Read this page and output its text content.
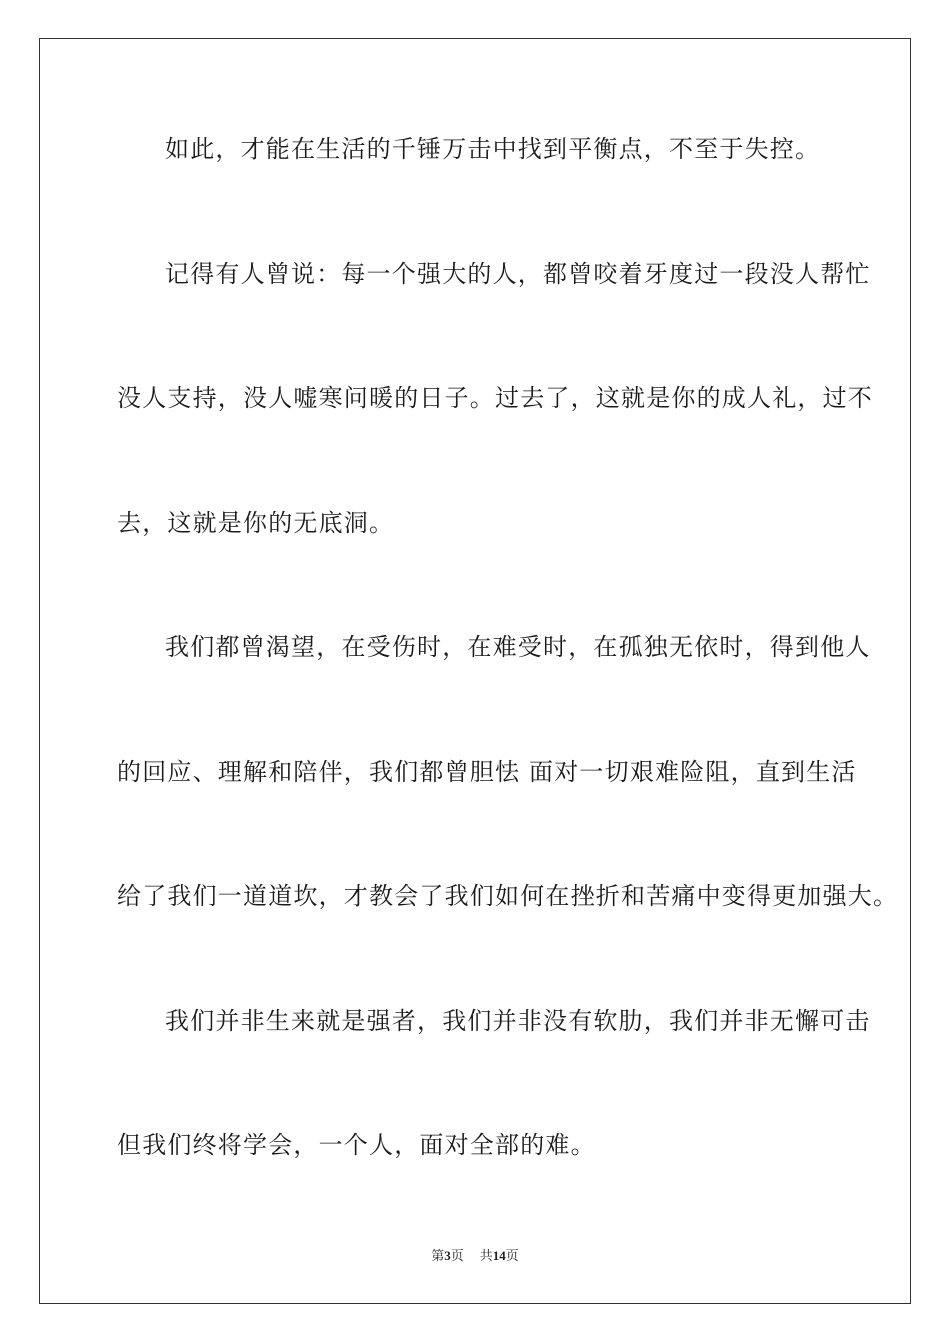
如此，才能在生活的千锤万击中找到平衡点，不至于失控。
记得有人曾说：每一个强大的人，都曾咬着牙度过一段没人帮忙
没人支持，没人嘘寒问暖的日子。过去了，这就是你的成人礼，过不
去，这就是你的无底洞。
我们都曾渴望，在受伤时，在难受时，在孤独无依时，得到他人
的回应、理解和陪伴，我们都曾胆怯 面对一切艰难险阻，直到生活
给了我们一道道坎，才教会了我们如何在挫折和苦痛中变得更加强大。
我们并非生来就是强者，我们并非没有软肋，我们并非无懈可击
但我们终将学会，一个人，面对全部的难。
第3页 共14页
